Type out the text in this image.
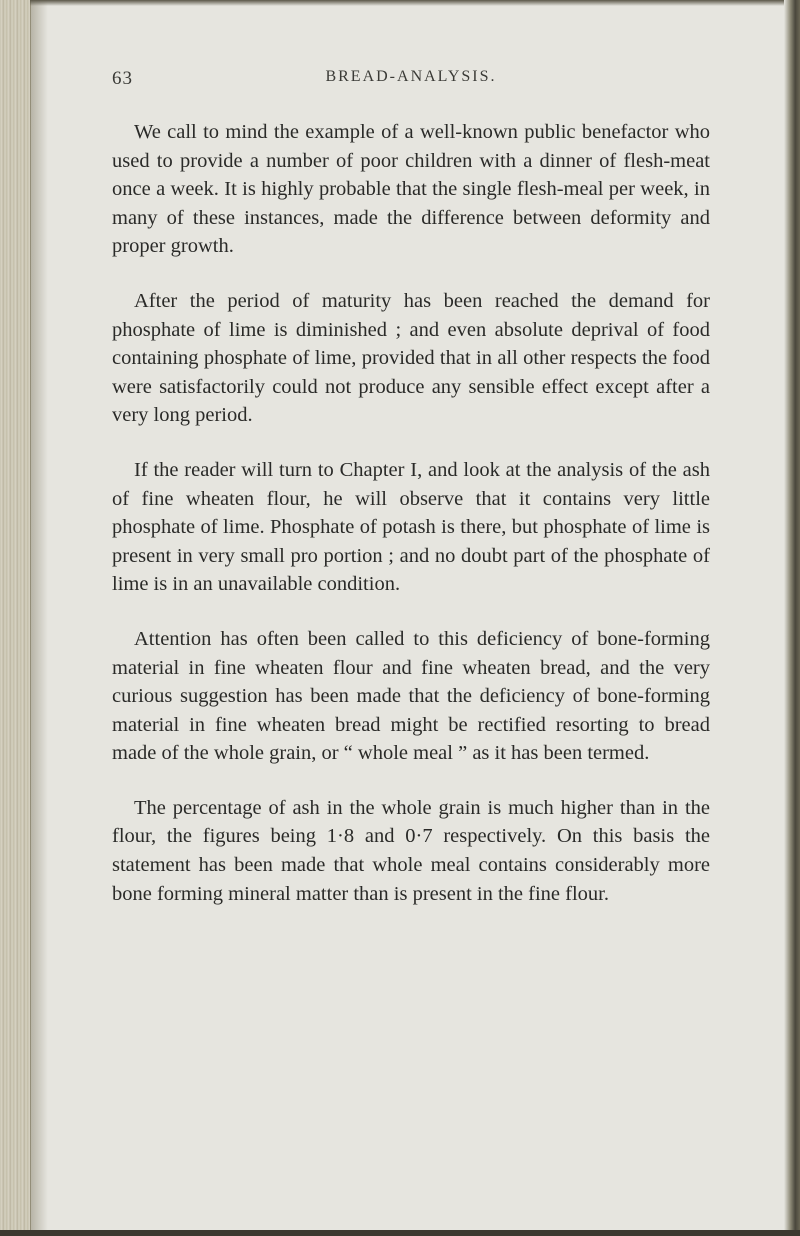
63	BREAD-ANALYSIS.

We call to mind the example of a well-known public benefactor who used to provide a number of poor children with a dinner of flesh-meat once a week. It is highly probable that the single flesh-meal per week, in many of these instances, made the difference between deformity and proper growth.

After the period of maturity has been reached the demand for phosphate of lime is diminished ; and even absolute deprival of food containing phosphate of lime, provided that in all other respects the food were satisfactorily could not produce any sensible effect except after a very long period.

If the reader will turn to Chapter I, and look at the analysis of the ash of fine wheaten flour, he will observe that it contains very little phosphate of lime. Phosphate of potash is there, but phosphate of lime is present in very small pro portion ; and no doubt part of the phosphate of lime is in an unavailable condition.

Attention has often been called to this deficiency of bone-forming material in fine wheaten flour and fine wheaten bread, and the very curious suggestion has been made that the deficiency of bone-forming material in fine wheaten bread might be rectified resorting to bread made of the whole grain, or “ whole meal ” as it has been termed.

The percentage of ash in the whole grain is much higher than in the flour, the figures being 1·8 and 0·7 respectively. On this basis the statement has been made that whole meal contains considerably more bone forming mineral matter than is present in the fine flour.
